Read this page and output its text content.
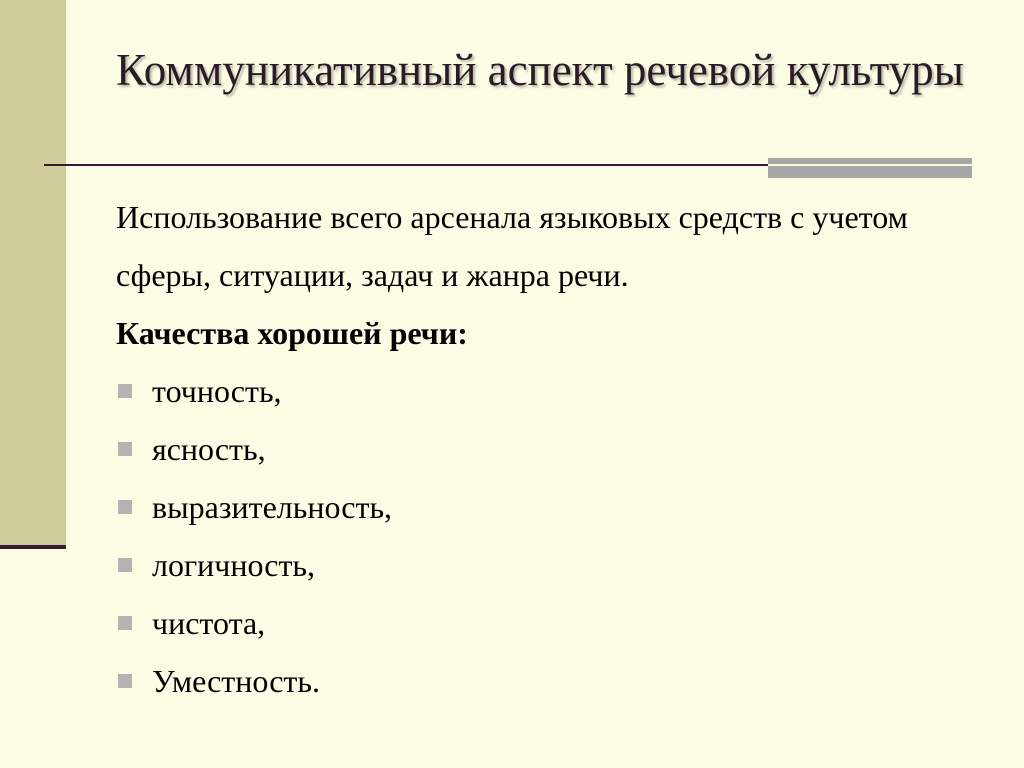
Коммуникативный аспект речевой культуры

Использование всего арсенала языковых средств с учетом сферы, ситуации, задач и жанра речи.

Качества хорошей речи:

точность,
ясность,
выразительность,
логичность,
чистота,
Уместность.
